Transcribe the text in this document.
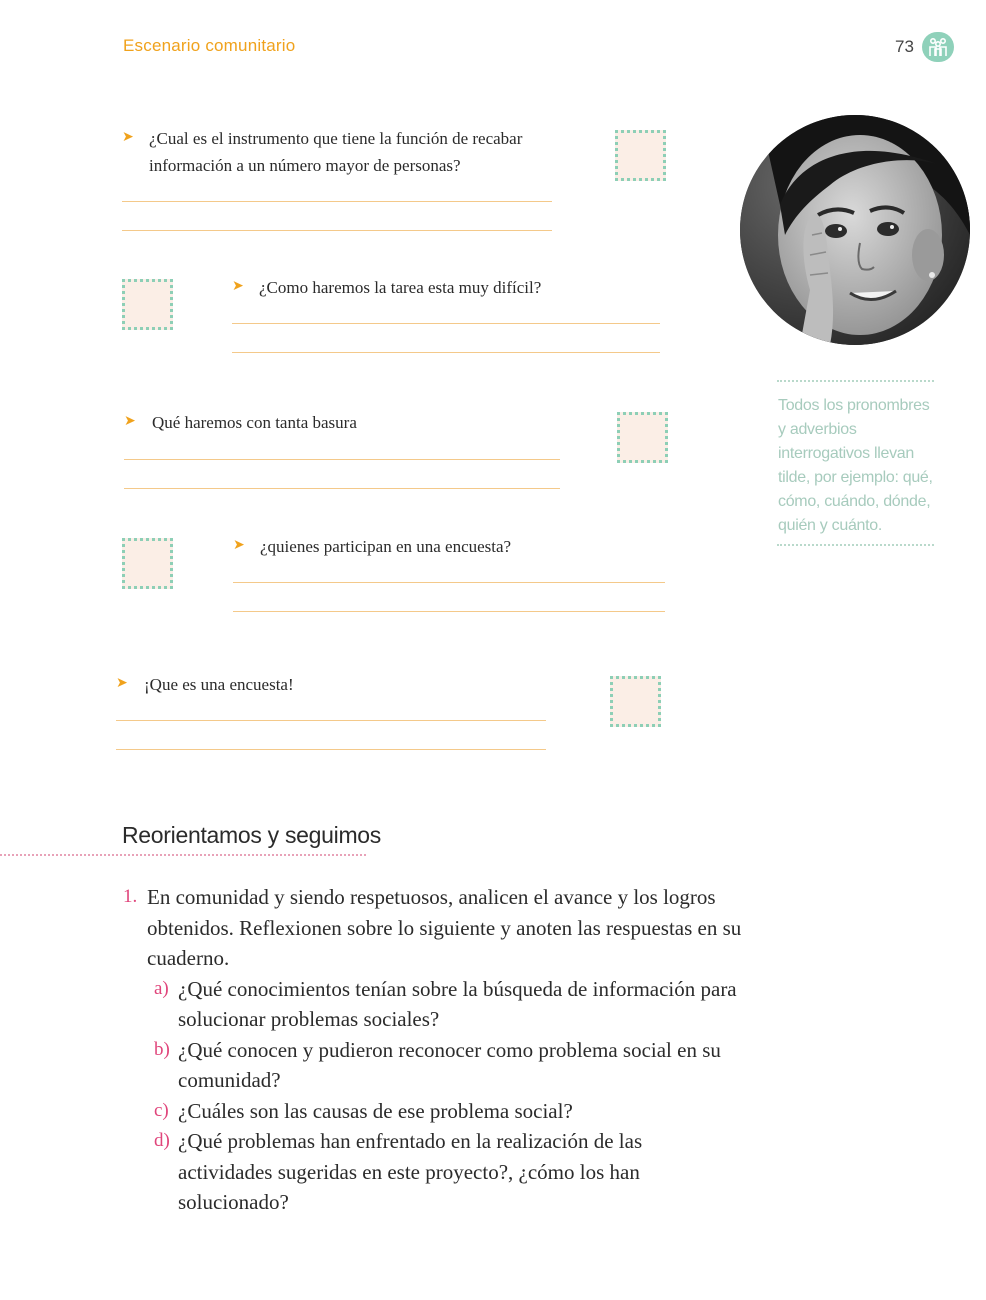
Escenario comunitario	73
➤ ¿Cual es el instrumento que tiene la función de recabar información a un número mayor de personas?
➤ ¿Como haremos la tarea esta muy difícil?
➤ Qué haremos con tanta basura
➤ ¿quienes participan en una encuesta?
➤ ¡Que es una encuesta!
Todos los pronombres y adverbios interrogativos llevan tilde, por ejemplo: qué, cómo, cuándo, dónde, quién y cuánto.
Reorientamos y seguimos
1. En comunidad y siendo respetuosos, analicen el avance y los logros obtenidos. Reflexionen sobre lo siguiente y anoten las respuestas en su cuaderno.
a) ¿Qué conocimientos tenían sobre la búsqueda de información para solucionar problemas sociales?
b) ¿Qué conocen y pudieron reconocer como problema social en su comunidad?
c) ¿Cuáles son las causas de ese problema social?
d) ¿Qué problemas han enfrentado en la realización de las actividades sugeridas en este proyecto?, ¿cómo los han solucionado?
